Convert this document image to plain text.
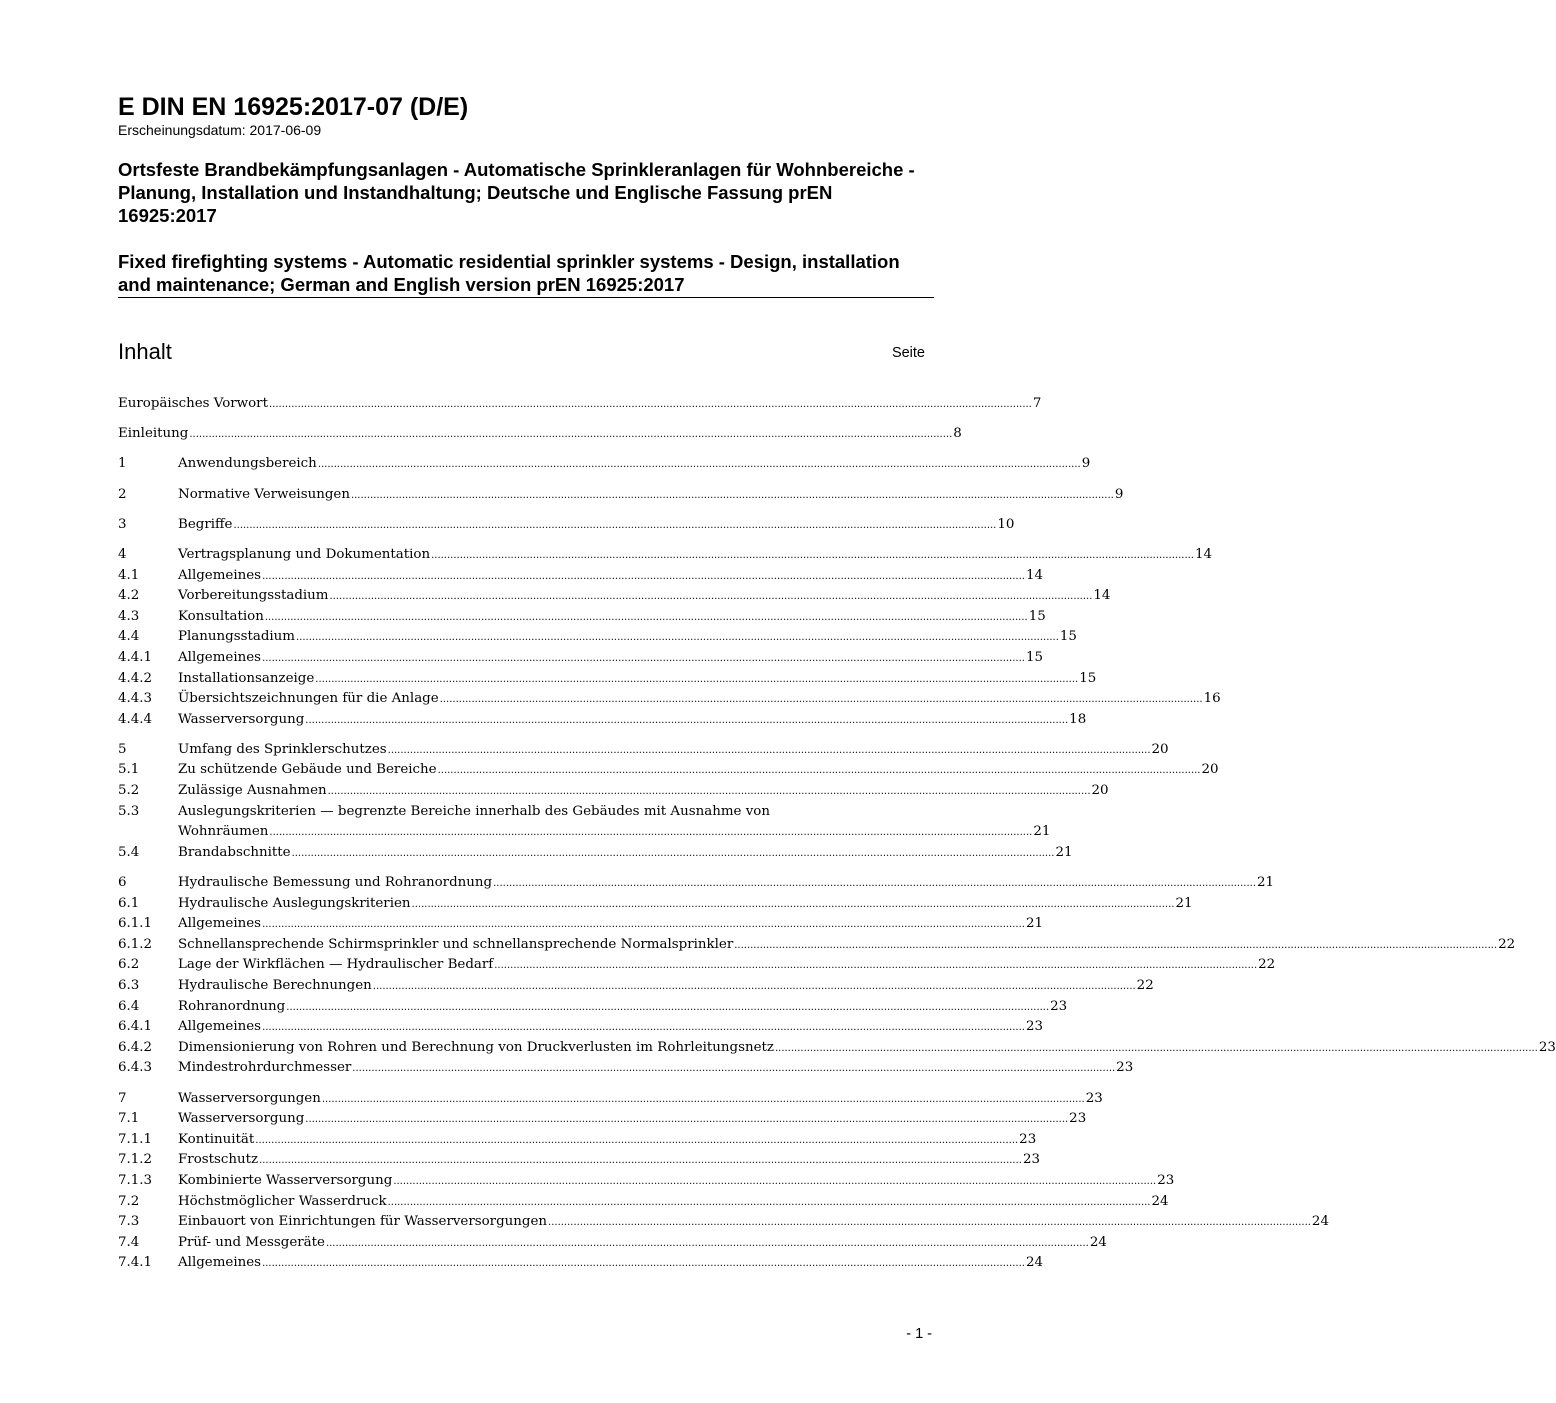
E DIN EN 16925:2017-07 (D/E)
Erscheinungsdatum: 2017-06-09
Ortsfeste Brandbekämpfungsanlagen - Automatische Sprinkleranlagen für Wohnbereiche - Planung, Installation und Instandhaltung; Deutsche und Englische Fassung prEN 16925:2017
Fixed firefighting systems - Automatic residential sprinkler systems - Design, installation and maintenance; German and English version prEN 16925:2017
Inhalt	Seite
Europäisches Vorwort .....	7
Einleitung .....	8
1	Anwendungsbereich .....	9
2	Normative Verweisungen .....	9
3	Begriffe .....	10
4	Vertragsplanung und Dokumentation .....	14
4.1	Allgemeines .....	14
4.2	Vorbereitungsstadium .....	14
4.3	Konsultation .....	15
4.4	Planungsstadium .....	15
4.4.1	Allgemeines .....	15
4.4.2	Installationsanzeige .....	15
4.4.3	Übersichtszeichnungen für die Anlage .....	16
4.4.4	Wasserversorgung .....	18
5	Umfang des Sprinklerschutzes .....	20
5.1	Zu schützende Gebäude und Bereiche .....	20
5.2	Zulässige Ausnahmen .....	20
5.3	Auslegungskriterien — begrenzte Bereiche innerhalb des Gebäudes mit Ausnahme von
Wohnräumen .....	21
5.4	Brandabschnitte .....	21
6	Hydraulische Bemessung und Rohranordnung .....	21
6.1	Hydraulische Auslegungskriterien .....	21
6.1.1	Allgemeines .....	21
6.1.2	Schnellansprechende Schirmsprinkler und schnellansprechende Normalsprinkler .....	22
6.2	Lage der Wirkflächen — Hydraulischer Bedarf .....	22
6.3	Hydraulische Berechnungen .....	22
6.4	Rohranordnung .....	23
6.4.1	Allgemeines .....	23
6.4.2	Dimensionierung von Rohren und Berechnung von Druckverlusten im Rohrleitungsnetz .....	23
6.4.3	Mindestrohrdurchmesser .....	23
7	Wasserversorgungen .....	23
7.1	Wasserversorgung .....	23
7.1.1	Kontinuität .....	23
7.1.2	Frostschutz .....	23
7.1.3	Kombinierte Wasserversorgung .....	23
7.2	Höchstmöglicher Wasserdruck .....	24
7.3	Einbauort von Einrichtungen für Wasserversorgungen .....	24
7.4	Prüf- und Messgeräte .....	24
7.4.1	Allgemeines .....	24
- 1 -
